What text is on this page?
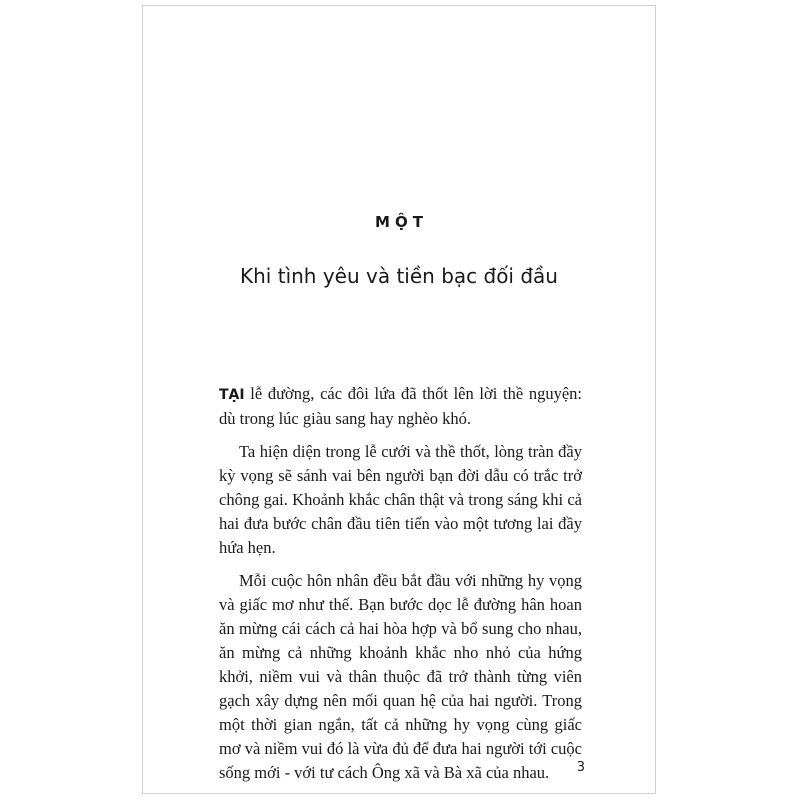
MỘT
Khi tình yêu và tiền bạc đối đầu

TẠI lễ đường, các đôi lứa đã thốt lên lời thề nguyện: dù trong lúc giàu sang hay nghèo khó.

Ta hiện diện trong lễ cưới và thề thốt, lòng tràn đầy kỳ vọng sẽ sánh vai bên người bạn đời dẫu có trắc trở chông gai. Khoảnh khắc chân thật và trong sáng khi cả hai đưa bước chân đầu tiên tiến vào một tương lai đầy hứa hẹn.

Mỗi cuộc hôn nhân đều bắt đầu với những hy vọng và giấc mơ như thế. Bạn bước dọc lễ đường hân hoan ăn mừng cái cách cả hai hòa hợp và bổ sung cho nhau, ăn mừng cả những khoảnh khắc nho nhỏ của hứng khởi, niềm vui và thân thuộc đã trở thành từng viên gạch xây dựng nên mối quan hệ của hai người. Trong một thời gian ngắn, tất cả những hy vọng cùng giấc mơ và niềm vui đó là vừa đủ để đưa hai người tới cuộc sống mới - với tư cách Ông xã và Bà xã của nhau.	3
